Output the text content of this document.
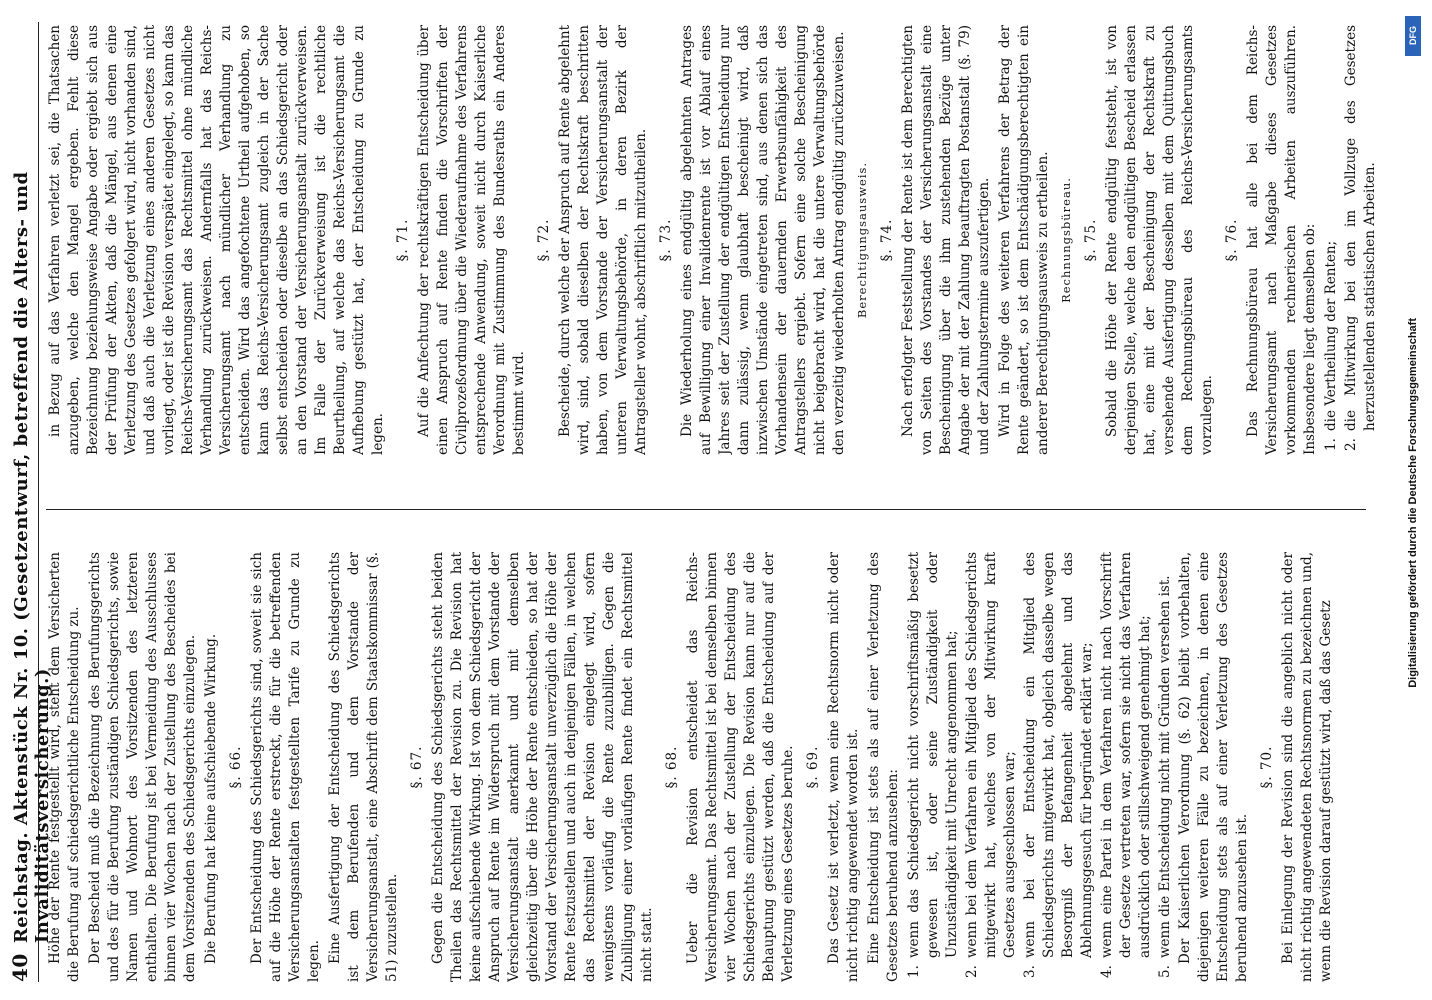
40
Reichstag. Aktenstück Nr. 10. (Gesetzentwurf, betreffend die Alters- und Invaliditätsversicherung.)
Höhe der Rente festgestellt wird, steht dem Versicherten die Berufung auf schiedsgerichtliche Entscheidung zu. Der Bescheid muß die Bezeichnung des Berufungsgerichts und des für die Berufung zuständigen Schiedsgerichts, sowie Namen und Wohnort des Vorsitzenden des letzteren enthalten. Die Berufung ist bei Vermeidung des Ausschlusses binnen vier Wochen nach der Zustellung des Bescheides bei dem Vorsitzenden des Schiedsgerichts einzulegen. Die Berufung hat keine aufschiebende Wirkung. §. 66. Der Entscheidung des Schiedsgerichts sind, soweit sie sich auf die Höhe der Rente erstreckt, die für die betreffenden Versicherungsanstalten festgestellten Tarife zu Grunde zu legen. Eine Ausfertigung der Entscheidung des Schiedsgerichts ist dem Berufenden und dem Vorstande der Versicherungsanstalt, eine Abschrift dem Staatskommissar (§. 51) zuzustellen.
§. 67. Gegen die Entscheidung des Schiedsgerichts steht beiden Theilen das Rechtsmittel der Revision zu. Die Revision hat keine aufschiebende Wirkung. Ist von dem Schiedsgericht der Anspruch auf Rente im Widerspruch mit dem Vorstande der Versicherungsanstalt anerkannt und mit demselben gleichzeitig über die Höhe der Rente entschieden, so hat der Vorstand der Versicherungsanstalt unverzüglich die Höhe der Rente festzustellen und auch in denjenigen Fällen, in welchen das Rechtsmittel der Revision eingelegt wird, sofern wenigstens vorläufig die Rente zuzubilligen. Gegen die Zubilligung einer vorläufigen Rente findet ein Rechtsmittel nicht statt.
§. 68. Ueber die Revision entscheidet das Reichs-Versicherungsamt. Das Rechtsmittel ist bei demselben binnen vier Wochen nach der Zustellung der Entscheidung des Schiedsgerichts einzulegen. Die Revision kann nur auf die Behauptung gestützt werden, daß die Entscheidung auf der Verletzung eines Gesetzes beruhe. §. 69. Das Gesetz ist verletzt, wenn eine Rechtsnorm nicht oder nicht richtig angewendet worden ist. Eine Entscheidung ist stets als auf einer Verletzung des Gesetzes beruhend anzusehen: 1.wenn das Schiedsgericht nicht vorschriftsmäßig besetzt gewesen ist, oder seine Zuständigkeit oder Unzuständigkeit mit Unrecht angenommen hat;
2.wenn bei dem Verfahren ein Mitglied des Schiedsgerichts mitgewirkt hat, welches von der Mitwirkung kraft Gesetzes ausgeschlossen war;
3.wenn bei der Entscheidung ein Mitglied des Schiedsgerichts mitgewirkt hat, obgleich dasselbe wegen Besorgniß der Befangenheit abgelehnt und das Ablehnungsgesuch für begründet erklärt war;
4.wenn eine Partei in dem Verfahren nicht nach Vorschrift der Gesetze vertreten war, sofern sie nicht das Verfahren ausdrücklich oder stillschweigend genehmigt hat;
5.wenn die Entscheidung nicht mit Gründen versehen ist. Der Kaiserlichen Verordnung (§. 62) bleibt vorbehalten, diejenigen weiteren Fälle zu bezeichnen, in denen eine Entscheidung stets als auf einer Verletzung des Gesetzes beruhend anzusehen ist.
§. 70. Bei Einlegung der Revision sind die angeblich nicht oder nicht richtig angewendeten Rechtsnormen zu bezeichnen und, wenn die Revision darauf gestützt wird, daß das Gesetz
in Bezug auf das Verfahren verletzt sei, die Thatsachen anzugeben, welche den Mangel ergeben. Fehlt diese Bezeichnung beziehungsweise Angabe oder ergiebt sich aus der Prüfung der Akten, daß die Mängel, aus denen eine Verletzung des Gesetzes gefolgert wird, nicht vorhanden sind, und daß auch die Verletzung eines anderen Gesetzes nicht vorliegt, oder ist die Revision verspätet eingelegt, so kann das Reichs-Versicherungsamt das Rechtsmittel ohne mündliche Verhandlung zurückweisen. Andernfalls hat das Reichs-Versicherungsamt nach mündlicher Verhandlung zu entscheiden. Wird das angefochtene Urtheil aufgehoben, so kann das Reichs-Versicherungsamt zugleich in der Sache selbst entscheiden oder dieselbe an das Schiedsgericht oder an den Vorstand der Versicherungsanstalt zurückverweisen. Im Falle der Zurückverweisung ist die rechtliche Beurtheilung, auf welche das Reichs-Versicherungsamt die Aufhebung gestützt hat, der Entscheidung zu Grunde zu legen.
§. 71. Auf die Anfechtung der rechtskräftigen Entscheidung über einen Anspruch auf Rente finden die Vorschriften der Civilprozeßordnung über die Wiederaufnahme des Verfahrens entsprechende Anwendung, soweit nicht durch Kaiserliche Verordnung mit Zustimmung des Bundesraths ein Anderes bestimmt wird.
§. 72. Bescheide, durch welche der Anspruch auf Rente abgelehnt wird, sind, sobald dieselben der Rechtskraft beschritten haben, von dem Vorstande der Versicherungsanstalt der unteren Verwaltungsbehörde, in deren Bezirk der Antragsteller wohnt, abschriftlich mitzutheilen. §. 73. Die Wiederholung eines endgültig abgelehnten Antrages auf Bewilligung einer Invalidenrente ist vor Ablauf eines Jahres seit der Zustellung der endgültigen Entscheidung nur dann zulässig, wenn glaubhaft bescheinigt wird, daß inzwischen Umstände eingetreten sind, aus denen sich das Vorhandensein der dauernden Erwerbsunfähigkeit des Antragstellers ergiebt. Sofern eine solche Bescheinigung nicht beigebracht wird, hat die untere Verwaltungsbehörde den verzeitig wiederholten Antrag endgültig zurückzuweisen. Berechtigungsausweis. §. 74. Nach erfolgter Feststellung der Rente ist dem Berechtigten von Seiten des Vorstandes der Versicherungsanstalt eine Bescheinigung über die ihm zustehenden Bezüge unter Angabe der mit der Zahlung beauftragten Postanstalt (§. 79) und der Zahlungstermine auszufertigen. Wird in Folge des weiteren Verfahrens der Betrag der Rente geändert, so ist dem Entschädigungsberechtigten ein anderer Berechtigungsausweis zu ertheilen. Rechnungsbüreau. §. 75. Sobald die Höhe der Rente endgültig feststeht, ist von derjenigen Stelle, welche den endgültigen Bescheid erlassen hat, eine mit der Bescheinigung der Rechtskraft zu versehende Ausfertigung desselben mit dem Quittungsbuch dem Rechnungsbüreau des Reichs-Versicherungsamts vorzulegen.
§. 76. Das Rechnungsbüreau hat alle bei dem Reichs-Versicherungsamt nach Maßgabe dieses Gesetzes vorkommenden rechnerischen Arbeiten auszuführen. Insbesondere liegt demselben ob: 1.die Vertheilung der Renten;
2.die Mitwirkung bei den im Vollzuge des Gesetzes herzustellenden statistischen Arbeiten.
DFG
Digitalisierung gefördert durch die Deutsche Forschungsgemeinschaft
